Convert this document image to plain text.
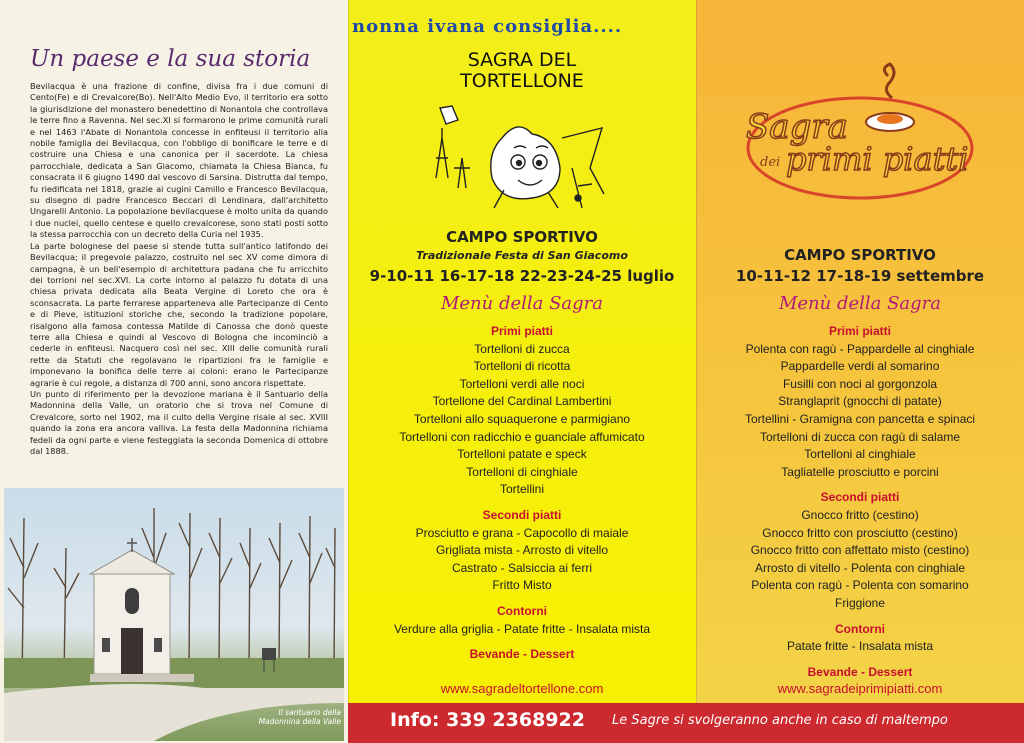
Un paese e la sua storia

Bevilacqua è una frazione di confine, divisa fra i due comuni di Cento(Fe) e di Crevalcore(Bo). Nell'Alto Medio Evo, il territorio era sotto la giurisdizione del monastero benedettino di Nonantola che controllava le terre fino a Ravenna. Nel sec.XI si formarono le prime comunità rurali e nel 1463 l'Abate di Nonantola concesse in enfiteusi il territorio alla nobile famiglia dei Bevilacqua, con l'obbligo di bonificare le terre e di costruire una Chiesa e una canonica per il sacerdote. La chiesa parrocchiale, dedicata a San Giacomo, chiamata la Chiesa Bianca, fu consacrata il 6 giugno 1490 dal vescovo di Sarsina. Distrutta dal tempo, fu riedificata nel 1818, grazie ai cugini Camillo e Francesco Bevilacqua, su disegno di padre Francesco Beccari di Lendinara, dall'architetto Ungarelli Antonio. La popolazione bevilacquese è molto unita da quando i due nuclei, quello centese e quello crevalcorese, sono stati posti sotto la stessa parrocchia con un decreto della Curia nel 1935.

La parte bolognese del paese si stende tutta sull'antico latifondo dei Bevilacqua; il pregevole palazzo, costruito nel sec XV come dimora di campagna, è un bell'esempio di architettura padana che fu arricchito dei torrioni nel sec.XVI. La corte intorno al palazzo fu dotata di una chiesa privata dedicata alla Beata Vergine di Loreto che ora è sconsacrata. La parte ferrarese apparteneva alle Partecipanze di Cento e di Pieve, istituzioni storiche che, secondo la tradizione popolare, risalgono alla famosa contessa Matilde di Canossa che donò queste terre alla Chiesa e quindi al Vescovo di Bologna che incominciò a cederle in enfiteusi. Nacquero così nel sec. XIII delle comunità rurali rette da Statuti che regolavano le ripartizioni fra le famiglie e imponevano la bonifica delle terre ai coloni: erano le Partecipanze agrarie è cui regole, a distanza di 700 anni, sono ancora rispettate.

Un punto di riferimento per la devozione mariana è il Santuario della Madonnina della Valle, un oratorio che si trova nel Comune di Crevalcore, sorto nel 1902, ma il culto della Vergine risale al sec. XVIII quando la zona era ancora valliva. La festa della Madonnina richiama fedeli da ogni parte e viene festeggiata la seconda Domenica di ottobre dal 1888.

Il santuario della Madonnina della Valle
nonna ivana consiglia....
SAGRA DEL
TORTELLONE
CAMPO SPORTIVO
Tradizionale Festa di San Giacomo
9-10-11 16-17-18 22-23-24-25 luglio
Menù della Sagra
Primi piatti
Tortelloni di zucca
Tortelloni di ricotta
Tortelloni verdi alle noci
Tortellone del Cardinal Lambertini
Tortelloni allo squaquerone e parmigiano
Tortelloni con radicchio e guanciale affumicato
Tortelloni patate e speck
Tortelloni di cinghiale
Tortellini
Secondi piatti
Prosciutto e grana - Capocollo di maiale
Grigliata mista - Arrosto di vitello
Castrato - Salsiccia ai ferri
Fritto Misto
Contorni
Verdure alla griglia - Patate fritte - Insalata mista
Bevande - Dessert
www.sagradeltortellone.com
Sagra
dei primi piatti
CAMPO SPORTIVO
10-11-12 17-18-19 settembre
Menù della Sagra
Primi piatti
Polenta con ragù - Pappardelle al cinghiale
Pappardelle verdi al somarino
Fusilli con noci al gorgonzola
Stranglaprit (gnocchi di patate)
Tortellini - Gramigna con pancetta e spinaci
Tortelloni di zucca con ragù di salame
Tortelloni al cinghiale
Tagliatelle prosciutto e porcini
Secondi piatti
Gnocco fritto (cestino)
Gnocco fritto con prosciutto (cestino)
Gnocco fritto con affettato misto (cestino)
Arrosto di vitello - Polenta con cinghiale
Polenta con ragù - Polenta con somarino
Friggione
Contorni
Patate fritte - Insalata mista
Bevande - Dessert
www.sagradeiprimipiatti.com
Info: 339 2368922 Le Sagre si svolgeranno anche in caso di maltempo
